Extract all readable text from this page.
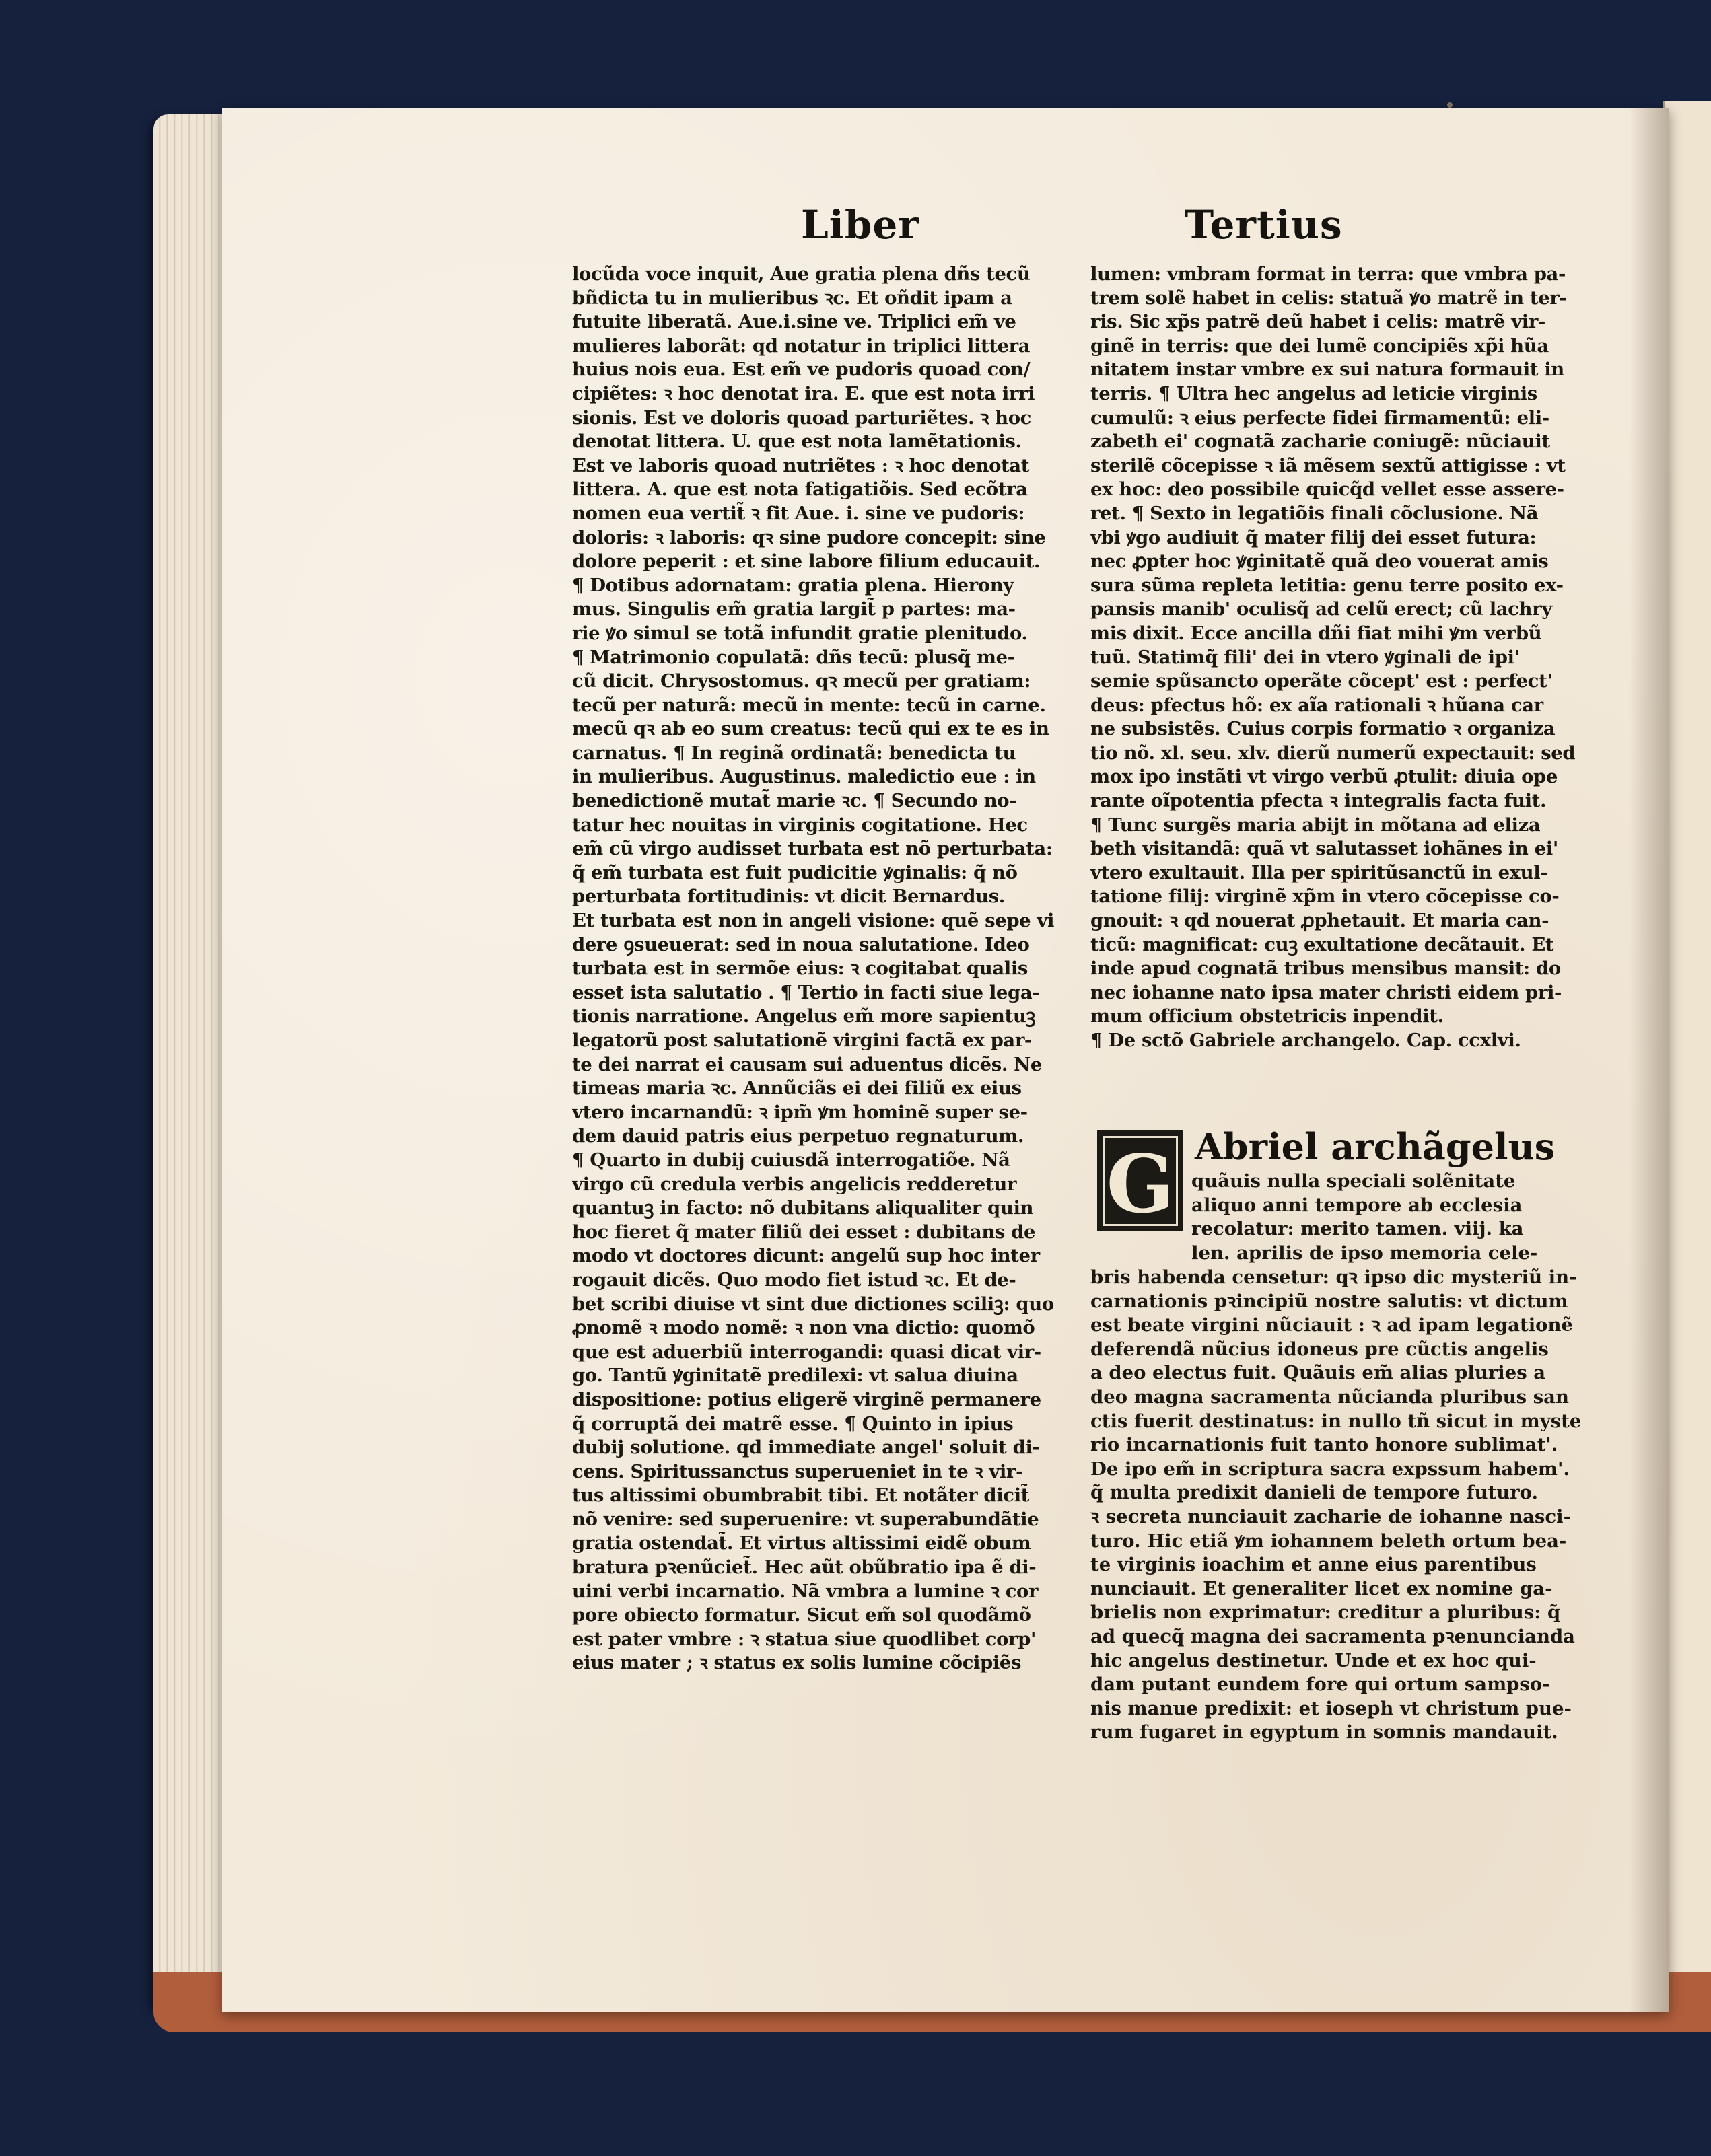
Liber	Tertius
locũda voce inquit, Aue gratia plena dñs tecũ
bñdicta tu in mulieribus ꝛc. Et oñdit ipam a
futuite liberatã. Aue.i.sine ve. Triplici em̃ ve
mulieres laborãt: qd notatur in triplici littera
huius nois eua. Est em̃ ve pudoris quoad con/
cipiẽtes: ꝛ hoc denotat ira. E. que est nota irri
sionis. Est ve doloris quoad parturiẽtes. ꝛ hoc
denotat littera. U. que est nota lamẽtationis.
Est ve laboris quoad nutriẽtes : ꝛ hoc denotat
littera. A. que est nota fatigatiõis. Sed ecõtra
nomen eua vertit̃ ꝛ fit Aue. i. sine ve pudoris:
doloris: ꝛ laboris: qꝛ sine pudore concepit: sine
dolore peperit : et sine labore filium educauit.
¶ Dotibus adornatam: gratia plena. Hierony
mus. Singulis em̃ gratia largit̃ p partes: ma-
rie ꝟo simul se totã infundit gratie plenitudo.
¶ Matrimonio copulatã: dñs tecũ: plusq̃ me-
cũ dicit. Chrysostomus. qꝛ mecũ per gratiam:
tecũ per naturã: mecũ in mente: tecũ in carne.
mecũ qꝛ ab eo sum creatus: tecũ qui ex te es in
carnatus. ¶ In reginã ordinatã: benedicta tu
in mulieribus. Augustinus. maledictio eue : in
benedictionẽ mutat̃ marie ꝛc. ¶ Secundo no-
tatur hec nouitas in virginis cogitatione. Hec
em̃ cũ virgo audisset turbata est nõ perturbata:
q̃ em̃ turbata est fuit pudicitie ꝟginalis: q̃ nõ
perturbata fortitudinis: vt dicit Bernardus.
Et turbata est non in angeli visione: quẽ sepe vi
dere ꝯsueuerat: sed in noua salutatione. Ideo
turbata est in sermõe eius: ꝛ cogitabat qualis
esset ista salutatio . ¶ Tertio in facti siue lega-
tionis narratione. Angelus em̃ more sapientuꝫ
legatorũ post salutationẽ virgini factã ex par-
te dei narrat ei causam sui aduentus dicẽs. Ne
timeas maria ꝛc. Annũciãs ei dei filiũ ex eius
vtero incarnandũ: ꝛ ipm̃ ꝟm hominẽ super se-
dem dauid patris eius perpetuo regnaturum.
¶ Quarto in dubij cuiusdã interrogatiõe. Nã
virgo cũ credula verbis angelicis redderetur
quantuꝫ in facto: nõ dubitans aliqualiter quin
hoc fieret q̃ mater filiũ dei esset : dubitans de
modo vt doctores dicunt: angelũ sup hoc inter
rogauit dicẽs. Quo modo fiet istud ꝛc. Et de-
bet scribi diuise vt sint due dictiones sciliꝫ: quo
ꝓnomẽ ꝛ modo nomẽ: ꝛ non vna dictio: quomõ
que est aduerbiũ interrogandi: quasi dicat vir-
go. Tantũ ꝟginitatẽ predilexi: vt salua diuina
dispositione: potius eligerẽ virginẽ permanere
q̃ corruptã dei matrẽ esse. ¶ Quinto in ipius
dubij solutione. qd immediate angel' soluit di-
cens. Spiritussanctus superueniet in te ꝛ vir-
tus altissimi obumbrabit tibi. Et notãter dicit̃
nõ venire: sed superuenire: vt superabundãtie
gratia ostendat̃. Et virtus altissimi eidẽ obum
bratura pꝛenũciet̃. Hec aũt obũbratio ipa ẽ di-
uini verbi incarnatio. Nã vmbra a lumine ꝛ cor
pore obiecto formatur. Sicut em̃ sol quodãmõ
est pater vmbre : ꝛ statua siue quodlibet corp'
eius mater ; ꝛ status ex solis lumine cõcipiẽs
lumen: vmbram format in terra: que vmbra pa-
trem solẽ habet in celis: statuã ꝟo matrẽ in ter-
ris. Sic xp̃s patrẽ deũ habet i celis: matrẽ vir-
ginẽ in terris: que dei lumẽ concipiẽs xp̃i hũa
nitatem instar vmbre ex sui natura formauit in
terris. ¶ Ultra hec angelus ad leticie virginis
cumulũ: ꝛ eius perfecte fidei firmamentũ: eli-
zabeth ei' cognatã zacharie coniugẽ: nũciauit
sterilẽ cõcepisse ꝛ iã mẽsem sextũ attigisse : vt
ex hoc: deo possibile quicq̃d vellet esse assere-
ret. ¶ Sexto in legatiõis finali cõclusione. Nã
vbi ꝟgo audiuit q̃ mater filij dei esset futura:
nec ꝓpter hoc ꝟginitatẽ quã deo vouerat amis
sura sũma repleta letitia: genu terre posito ex-
pansis manib' oculisq̃ ad celũ erect; cũ lachry
mis dixit. Ecce ancilla dñi fiat mihi ꝟm verbũ
tuũ. Statimq̃ fili' dei in vtero ꝟginali de ipi'
semie spũsancto operãte cõcept' est : perfect'
deus: pfectus hõ: ex aĩa rationali ꝛ hũana car
ne subsistẽs. Cuius corpis formatio ꝛ organiza
tio nõ. xl. seu. xlv. dierũ numerũ expectauit: sed
mox ipo instãti vt virgo verbũ ꝓtulit: diuia ope
rante oĩpotentia pfecta ꝛ integralis facta fuit.
¶ Tunc surgẽs maria abijt in mõtana ad eliza
beth visitandã: quã vt salutasset iohãnes in ei'
vtero exultauit. Illa per spiritũsanctũ in exul-
tatione filij: virginẽ xp̃m in vtero cõcepisse co-
gnouit: ꝛ qd nouerat ꝓphetauit. Et maria can-
ticũ: magnificat: cuꝫ exultatione decãtauit. Et
inde apud cognatã tribus mensibus mansit: do
nec iohanne nato ipsa mater christi eidem pri-
mum officium obstetricis inpendit.
¶ De sctõ Gabriele archangelo. Cap. ccxlvi.
G Abriel archãgelus
quãuis nulla speciali solẽnitate
aliquo anni tempore ab ecclesia
recolatur: merito tamen. viij. ka
len. aprilis de ipso memoria cele-
bris habenda censetur: qꝛ ipso dic mysteriũ in-
carnationis pꝛincipiũ nostre salutis: vt dictum
est beate virgini nũciauit : ꝛ ad ipam legationẽ
deferendã nũcius idoneus pre cũctis angelis
a deo electus fuit. Quãuis em̃ alias pluries a
deo magna sacramenta nũcianda pluribus san
ctis fuerit destinatus: in nullo tñ sicut in myste
rio incarnationis fuit tanto honore sublimat'.
De ipo em̃ in scriptura sacra expssum habem'.
q̃ multa predixit danieli de tempore futuro.
ꝛ secreta nunciauit zacharie de iohanne nasci-
turo. Hic etiã ꝟm iohannem beleth ortum bea-
te virginis ioachim et anne eius parentibus
nunciauit. Et generaliter licet ex nomine ga-
brielis non exprimatur: creditur a pluribus: q̃
ad quecq̃ magna dei sacramenta pꝛenuncianda
hic angelus destinetur. Unde et ex hoc qui-
dam putant eundem fore qui ortum sampso-
nis manue predixit: et ioseph vt christum pue-
rum fugaret in egyptum in somnis mandauit.
